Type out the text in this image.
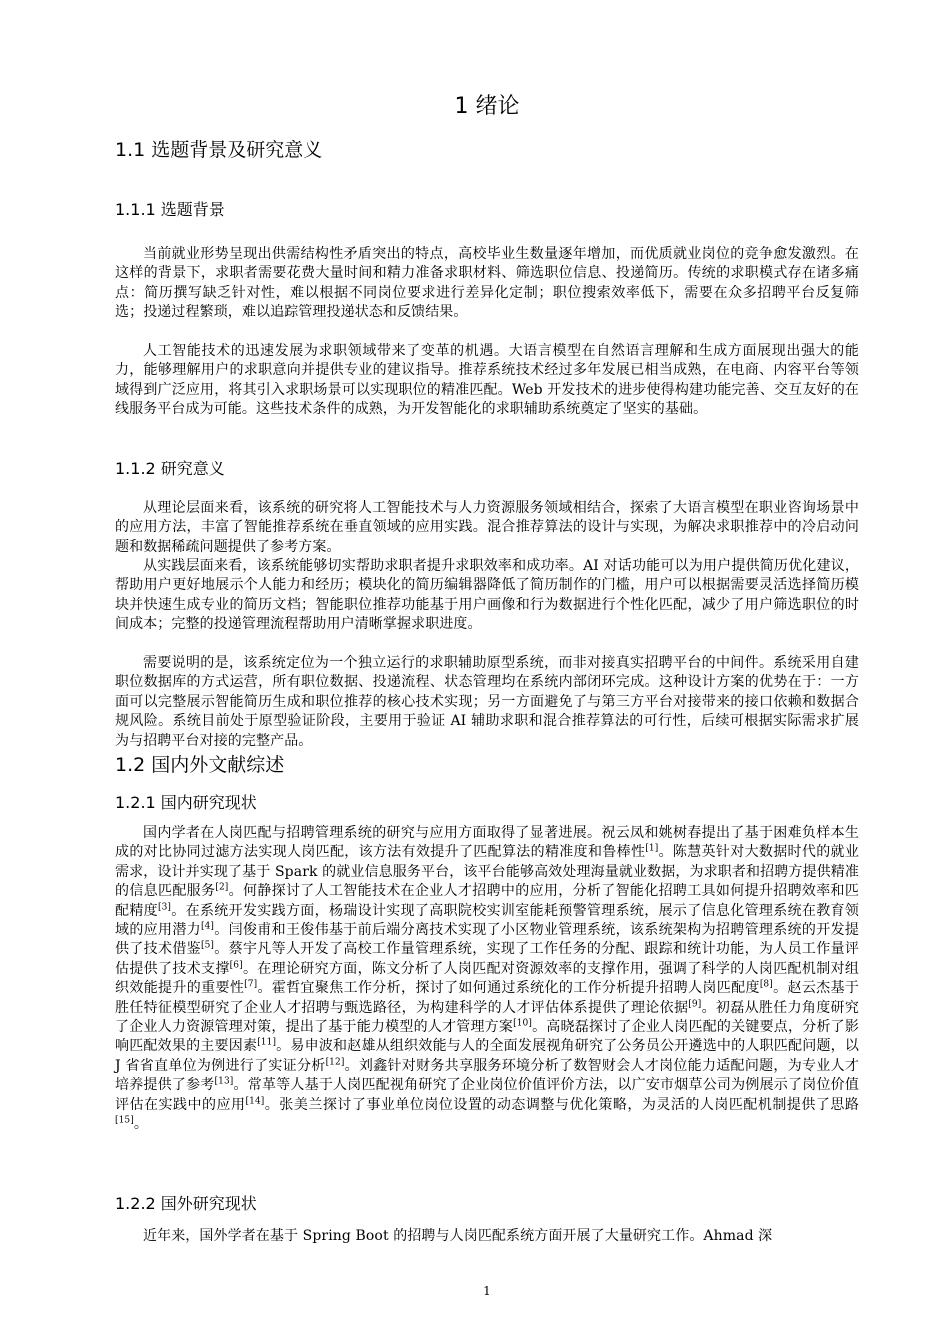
1 绪论
1.1 选题背景及研究意义
1.1.1 选题背景

当前就业形势呈现出供需结构性矛盾突出的特点，高校毕业生数量逐年增加，而优质就业岗位的竞争愈发激烈。在这样的背景下，求职者需要花费大量时间和精力准备求职材料、筛选职位信息、投递简历。传统的求职模式存在诸多痛点：简历撰写缺乏针对性，难以根据不同岗位要求进行差异化定制；职位搜索效率低下，需要在众多招聘平台反复筛选；投递过程繁琐，难以追踪管理投递状态和反馈结果。

人工智能技术的迅速发展为求职领域带来了变革的机遇。大语言模型在自然语言理解和生成方面展现出强大的能力，能够理解用户的求职意向并提供专业的建议指导。推荐系统技术经过多年发展已相当成熟，在电商、内容平台等领域得到广泛应用，将其引入求职场景可以实现职位的精准匹配。Web 开发技术的进步使得构建功能完善、交互友好的在线服务平台成为可能。这些技术条件的成熟，为开发智能化的求职辅助系统奠定了坚实的基础。

1.1.2 研究意义

从理论层面来看，该系统的研究将人工智能技术与人力资源服务领域相结合，探索了大语言模型在职业咨询场景中的应用方法，丰富了智能推荐系统在垂直领域的应用实践。混合推荐算法的设计与实现，为解决求职推荐中的冷启动问题和数据稀疏问题提供了参考方案。

从实践层面来看，该系统能够切实帮助求职者提升求职效率和成功率。AI 对话功能可以为用户提供简历优化建议，帮助用户更好地展示个人能力和经历；模块化的简历编辑器降低了简历制作的门槛，用户可以根据需要灵活选择简历模块并快速生成专业的简历文档；智能职位推荐功能基于用户画像和行为数据进行个性化匹配，减少了用户筛选职位的时间成本；完整的投递管理流程帮助用户清晰掌握求职进度。

需要说明的是，该系统定位为一个独立运行的求职辅助原型系统，而非对接真实招聘平台的中间件。系统采用自建职位数据库的方式运营，所有职位数据、投递流程、状态管理均在系统内部闭环完成。这种设计方案的优势在于：一方面可以完整展示智能简历生成和职位推荐的核心技术实现；另一方面避免了与第三方平台对接带来的接口依赖和数据合规风险。系统目前处于原型验证阶段，主要用于验证 AI 辅助求职和混合推荐算法的可行性，后续可根据实际需求扩展为与招聘平台对接的完整产品。

1.2 国内外文献综述
1.2.1 国内研究现状

国内学者在人岗匹配与招聘管理系统的研究与应用方面取得了显著进展。祝云凤和姚树春提出了基于困难负样本生成的对比协同过滤方法实现人岗匹配，该方法有效提升了匹配算法的精准度和鲁棒性[1]。陈慧英针对大数据时代的就业需求，设计并实现了基于 Spark 的就业信息服务平台，该平台能够高效处理海量就业数据，为求职者和招聘方提供精准的信息匹配服务[2]。何静探讨了人工智能技术在企业人才招聘中的应用，分析了智能化招聘工具如何提升招聘效率和匹配精度[3]。在系统开发实践方面，杨瑞设计实现了高职院校实训室能耗预警管理系统，展示了信息化管理系统在教育领域的应用潜力[4]。闫俊甫和王俊伟基于前后端分离技术实现了小区物业管理系统，该系统架构为招聘管理系统的开发提供了技术借鉴[5]。蔡宇凡等人开发了高校工作量管理系统，实现了工作任务的分配、跟踪和统计功能，为人员工作量评估提供了技术支撑[6]。在理论研究方面，陈文分析了人岗匹配对资源效率的支撑作用，强调了科学的人岗匹配机制对组织效能提升的重要性[7]。霍哲宜聚焦工作分析，探讨了如何通过系统化的工作分析提升招聘人岗匹配度[8]。赵云杰基于胜任特征模型研究了企业人才招聘与甄选路径，为构建科学的人才评估体系提供了理论依据[9]。初磊从胜任力角度研究了企业人力资源管理对策，提出了基于能力模型的人才管理方案[10]。高晓磊探讨了企业人岗匹配的关键要点，分析了影响匹配效果的主要因素[11]。易申波和赵雄从组织效能与人的全面发展视角研究了公务员公开遴选中的人职匹配问题，以 J 省省直单位为例进行了实证分析[12]。刘鑫针对财务共享服务环境分析了数智财会人才岗位能力适配问题，为专业人才培养提供了参考[13]。常革等人基于人岗匹配视角研究了企业岗位价值评价方法，以广安市烟草公司为例展示了岗位价值评估在实践中的应用[14]。张美兰探讨了事业单位岗位设置的动态调整与优化策略，为灵活的人岗匹配机制提供了思路[15]。

1.2.2 国外研究现状

近年来，国外学者在基于 Spring Boot 的招聘与人岗匹配系统方面开展了大量研究工作。Ahmad 深

1
